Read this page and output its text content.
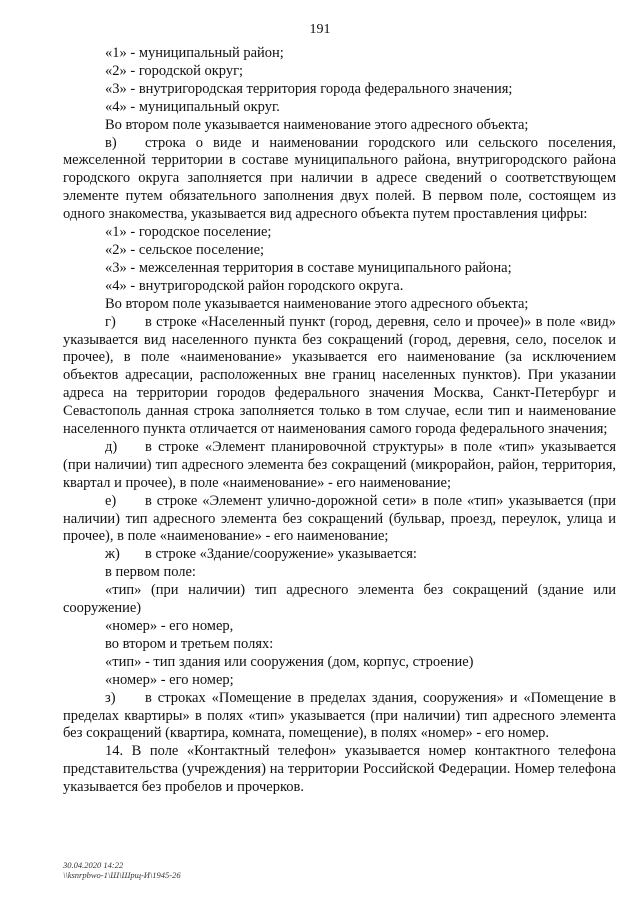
191

«1» - муниципальный район;

«2» - городской округ;

«3» - внутригородская территория города федерального значения;

«4» - муниципальный округ.

Во втором поле указывается наименование этого адресного объекта;

в) строка о виде и наименовании городского или сельского поселения, межселенной территории в составе муниципального района, внутригородского района городского округа заполняется при наличии в адресе сведений о соответствующем элементе путем обязательного заполнения двух полей. В первом поле, состоящем из одного знакомества, указывается вид адресного объекта путем проставления цифры:

«1» - городское поселение;

«2» - сельское поселение;

«3» - межселенная территория в составе муниципального района;

«4» - внутригородской район городского округа.

Во втором поле указывается наименование этого адресного объекта;

г) в строке «Населенный пункт (город, деревня, село и прочее)» в поле «вид» указывается вид населенного пункта без сокращений (город, деревня, село, поселок и прочее), в поле «наименование» указывается его наименование (за исключением объектов адресации, расположенных вне границ населенных пунктов). При указании адреса на территории городов федерального значения Москва, Санкт-Петербург и Севастополь данная строка заполняется только в том случае, если тип и наименование населенного пункта отличается от наименования самого города федерального значения;

д) в строке «Элемент планировочной структуры» в поле «тип» указывается (при наличии) тип адресного элемента без сокращений (микрорайон, район, территория, квартал и прочее), в поле «наименование» - его наименование;

е) в строке «Элемент улично-дорожной сети» в поле «тип» указывается (при наличии) тип адресного элемента без сокращений (бульвар, проезд, переулок, улица и прочее), в поле «наименование» - его наименование;

ж) в строке «Здание/сооружение» указывается:

в первом поле:

«тип» (при наличии) тип адресного элемента без сокращений (здание или сооружение)

«номер» - его номер,

во втором и третьем полях:

«тип» - тип здания или сооружения (дом, корпус, строение)

«номер» - его номер;

з) в строках «Помещение в пределах здания, сооружения» и «Помещение в пределах квартиры» в полях «тип» указывается (при наличии) тип адресного элемента без сокращений (квартира, комната, помещение), в полях «номер» - его номер.

14. В поле «Контактный телефон» указывается номер контактного телефона представительства (учреждения) на территории Российской Федерации. Номер телефона указывается без пробелов и прочерков.

30.04.2020 14:22
\\ksnrpbwo-1\Ш\Шрщ-И\1945-26
